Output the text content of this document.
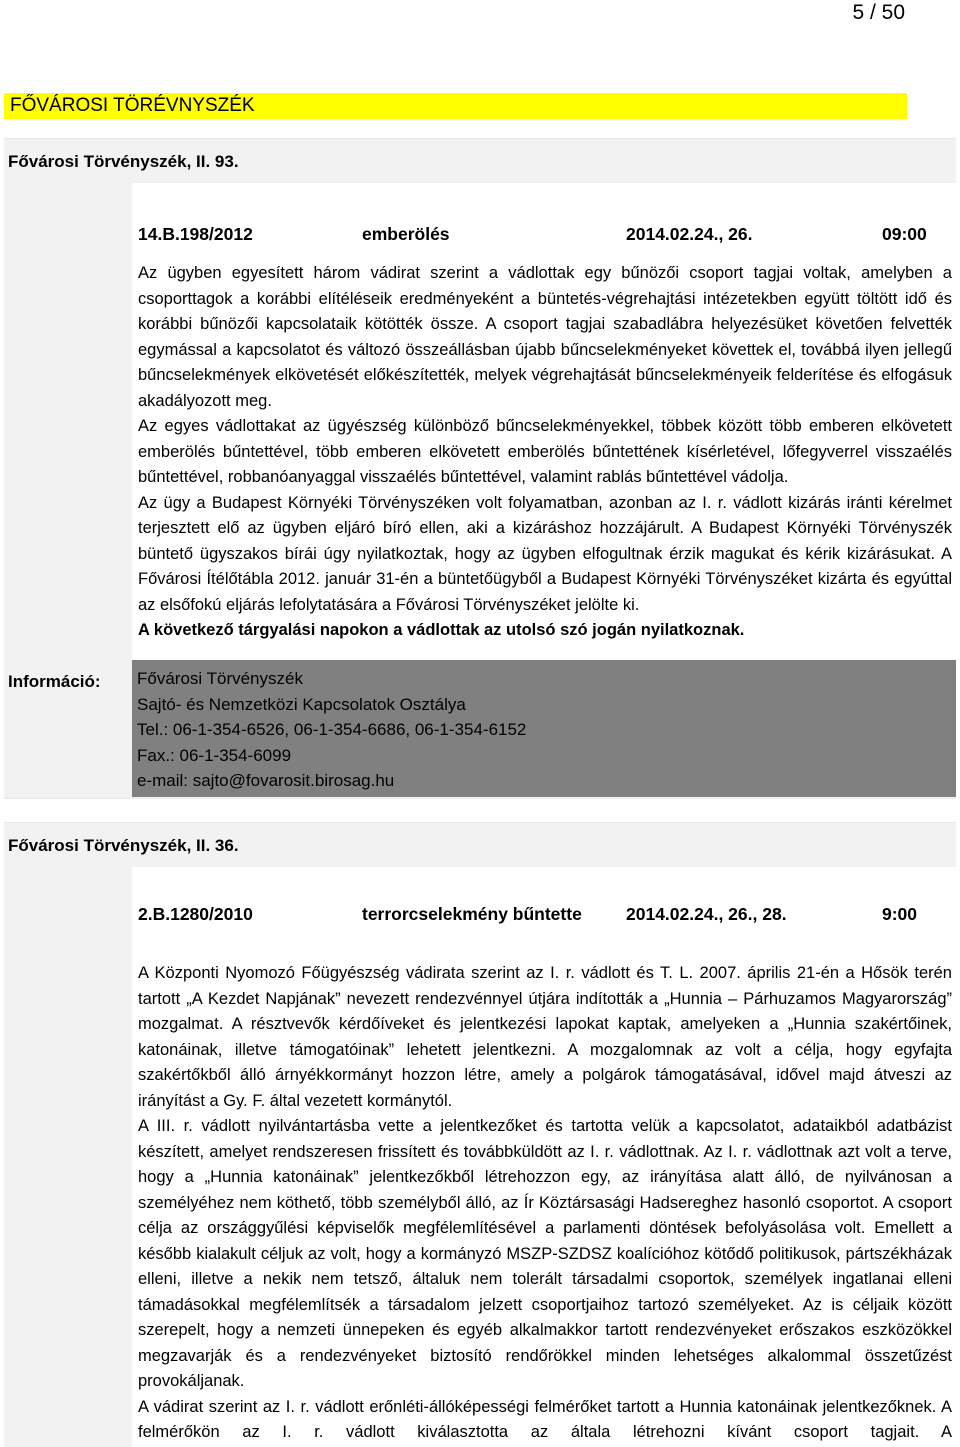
5 / 50
FŐVÁROSI TÖRÉVNYSZÉK
Fővárosi Törvényszék, II. 93.
14.B.198/2012	emberölés	2014.02.24., 26.	09:00

Az ügyben egyesített három vádirat szerint a vádlottak egy bűnözői csoport tagjai voltak, amelyben a csoporttagok a korábbi elítéléseik eredményeként a büntetés-végrehajtási intézetekben együtt töltött idő és korábbi bűnözői kapcsolataik kötötték össze. A csoport tagjai szabadlábra helyezésüket követően felvették egymással a kapcsolatot és változó összeállásban újabb bűncselekményeket követtek el, továbbá ilyen jellegű bűncselekmények elkövetését előkészítették, melyek végrehajtását bűncselekményeik felderítése és elfogásuk akadályozott meg.

Az egyes vádlottakat az ügyészség különböző bűncselekményekkel, többek között több emberen elkövetett emberölés bűntettével, több emberen elkövetett emberölés bűntettének kísérletével, lőfegyverrel visszaélés bűntettével, robbanóanyaggal visszaélés bűntettével, valamint rablás bűntettével vádolja.

Az ügy a Budapest Környéki Törvényszéken volt folyamatban, azonban az I. r. vádlott kizárás iránti kérelmet terjesztett elő az ügyben eljáró bíró ellen, aki a kizáráshoz hozzájárult. A Budapest Környéki Törvényszék büntető ügyszakos bírái úgy nyilatkoztak, hogy az ügyben elfogultnak érzik magukat és kérik kizárásukat. A Fővárosi Ítélőtábla 2012. január 31-én a büntetőügyből a Budapest Környéki Törvényszéket kizárta és egyúttal az elsőfokú eljárás lefolytatására a Fővárosi Törvényszéket jelölte ki.

A következő tárgyalási napokon a vádlottak az utolsó szó jogán nyilatkoznak.

Információ: Fővárosi Törvényszék
Sajtó- és Nemzetközi Kapcsolatok Osztálya
Tel.: 06-1-354-6526, 06-1-354-6686, 06-1-354-6152
Fax.: 06-1-354-6099
e-mail: sajto@fovarosit.birosag.hu
Fővárosi Törvényszék, II. 36.
2.B.1280/2010	terrorcselekmény bűntette	2014.02.24., 26., 28.	9:00

A Központi Nyomozó Főügyészség vádirata szerint az I. r. vádlott és T. L. 2007. április 21-én a Hősök terén tartott „A Kezdet Napjának” nevezett rendezvénnyel útjára indították a „Hunnia – Párhuzamos Magyarország” mozgalmat. A résztvevők kérdőíveket és jelentkezési lapokat kaptak, amelyeken a „Hunnia szakértőinek, katonáinak, illetve támogatóinak” lehetett jelentkezni. A mozgalomnak az volt a célja, hogy egyfajta szakértőkből álló árnyékkormányt hozzon létre, amely a polgárok támogatásával, idővel majd átveszi az irányítást a Gy. F. által vezetett kormánytól.

A III. r. vádlott nyilvántartásba vette a jelentkezőket és tartotta velük a kapcsolatot, adataikból adatbázist készített, amelyet rendszeresen frissített és továbbküldött az I. r. vádlottnak. Az I. r. vádlottnak azt volt a terve, hogy a „Hunnia katonáinak” jelentkezőkből létrehozzon egy, az irányítása alatt álló, de nyilvánosan a személyéhez nem köthető, több személyből álló, az Ír Köztársasági Hadsereghez hasonló csoportot. A csoport célja az országgyűlési képviselők megfélemlítésével a parlamenti döntések befolyásolása volt. Emellett a később kialakult céljuk az volt, hogy a kormányzó MSZP-SZDSZ koalícióhoz kötődő politikusok, pártszékházak elleni, illetve a nekik nem tetsző, általuk nem tolerált társadalmi csoportok, személyek ingatlanai elleni támadásokkal megfélemlítsék a társadalom jelzett csoportjaihoz tartozó személyeket. Az is céljaik között szerepelt, hogy a nemzeti ünnepeken és egyéb alkalmakkor tartott rendezvényeket erőszakos eszközökkel megzavarják és a rendezvényeket biztosító rendőrökkel minden lehetséges alkalommal összetűzést provokáljanak.

A vádirat szerint az I. r. vádlott erőnléti-állóképességi felmérőket tartott a Hunnia katonáinak jelentkezőknek. A felmérőkön az I. r. vádlott kiválasztotta az általa létrehozni kívánt csoport tagjait. A
